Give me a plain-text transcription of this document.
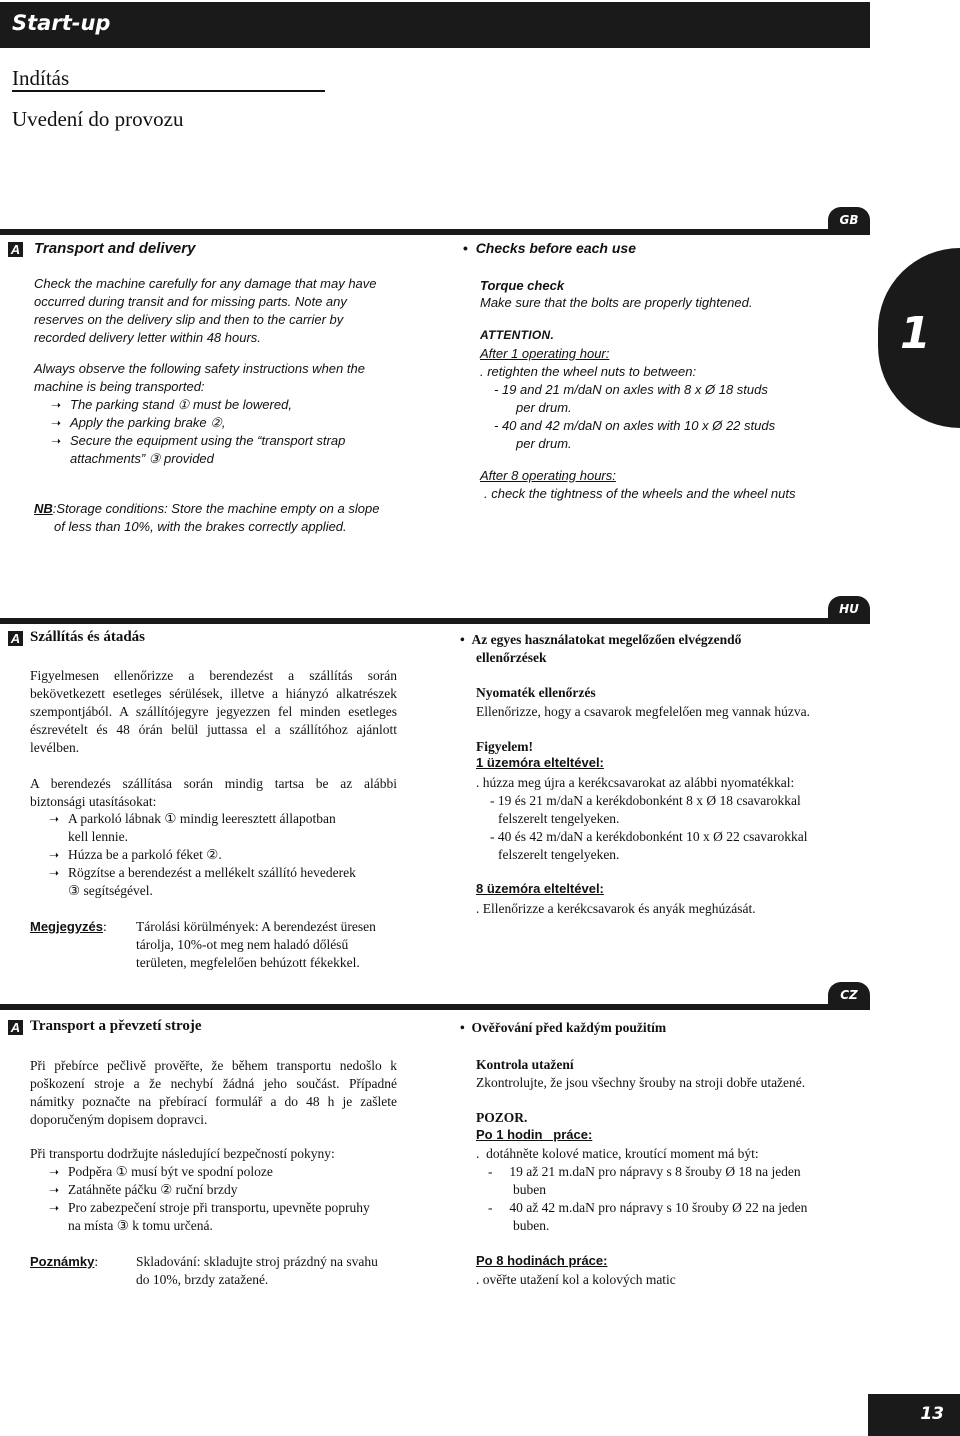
Start-up
Indítás
Uvedení do provozu
1
GB
A Transport and delivery
Check the machine carefully for any damage that may have
occurred during transit and for missing parts. Note any
reserves on the delivery slip and then to the carrier by
recorded delivery letter within 48 hours.
Always observe the following safety instructions when the
machine is being transported:
➝ The parking stand ① must be lowered,
➝ Apply the parking brake ②,
➝ Secure the equipment using the “transport strap
attachments” ③ provided
NB:Storage conditions: Store the machine empty on a slope
of less than 10%, with the brakes correctly applied.
•  Checks before each use
Torque check
Make sure that the bolts are properly tightened.
ATTENTION.
After 1 operating hour:
. retighten the wheel nuts to between:
- 19 and 21 m/daN on axles with 8 x Ø 18 studs
per drum.
- 40 and 42 m/daN on axles with 10 x Ø 22 studs
per drum.
After 8 operating hours:
. check the tightness of the wheels and the wheel nuts
HU
A Szállítás és átadás
Figyelmesen ellenőrizze a berendezést a szállítás során
bekövetkezett esetleges sérülések, illetve a hiányzó alkatrészek
szempontjából. A szállítójegyre jegyezzen fel minden esetleges
észrevételt és 48 órán belül juttassa el a szállítóhoz ajánlott
levélben.
A berendezés szállítása során mindig tartsa be az alábbi
biztonsági utasításokat:
➝ A parkoló lábnak ① mindig leeresztett állapotban
kell lennie.
➝ Húzza be a parkoló féket ②.
➝ Rögzítse a berendezést a mellékelt szállító hevederek
③ segítségével.
Megjegyzés: Tárolási körülmények: A berendezést üresen
tárolja, 10%-ot meg nem haladó dőlésű
területen, megfelelően behúzott fékekkel.
•  Az egyes használatokat megelőzően elvégzendő
ellenőrzések
Nyomaték ellenőrzés
Ellenőrizze, hogy a csavarok megfelelően meg vannak húzva.
Figyelem!
1 üzemóra elteltével:
. húzza meg újra a kerékcsavarokat az alábbi nyomatékkal:
- 19 és 21 m/daN a kerékdobonként 8 x Ø 18 csavarokkal
felszerelt tengelyeken.
- 40 és 42 m/daN a kerékdobonként 10 x Ø 22 csavarokkal
felszerelt tengelyeken.
8 üzemóra elteltével:
. Ellenőrizze a kerékcsavarok és anyák meghúzását.
CZ
A Transport a převzetí stroje
Při přebírce pečlivě prověřte, že během transportu nedošlo k
poškození stroje a že nechybí žádná jeho součást. Případné
námitky poznačte na přebírací formulář a do 48 h je zašlete
doporučeným dopisem dopravci.
Při transportu dodržujte následující bezpečností pokyny:
➝ Podpěra ① musí být ve spodní poloze
➝ Zatáhněte páčku ② ruční brzdy
➝ Pro zabezpečení stroje při transportu, upevněte popruhy
na místa ③ k tomu určená.
Poznámky:	Skladování: skladujte stroj prázdný na svahu
do 10%, brzdy zatažené.
•  Ověřování před každým použitím
Kontrola utažení
Zkontrolujte, že jsou všechny šrouby na stroji dobře utažené.
POZOR.
Po 1 hodin   práce:
.  dotáhněte kolové matice, kroutící moment má být:
-     19 až 21 m.daN pro nápravy s 8 šrouby Ø 18 na jeden
buben
-     40 až 42 m.daN pro nápravy s 10 šrouby Ø 22 na jeden
buben.
Po 8 hodinách práce:
. ověřte utažení kol a kolových matic
13
